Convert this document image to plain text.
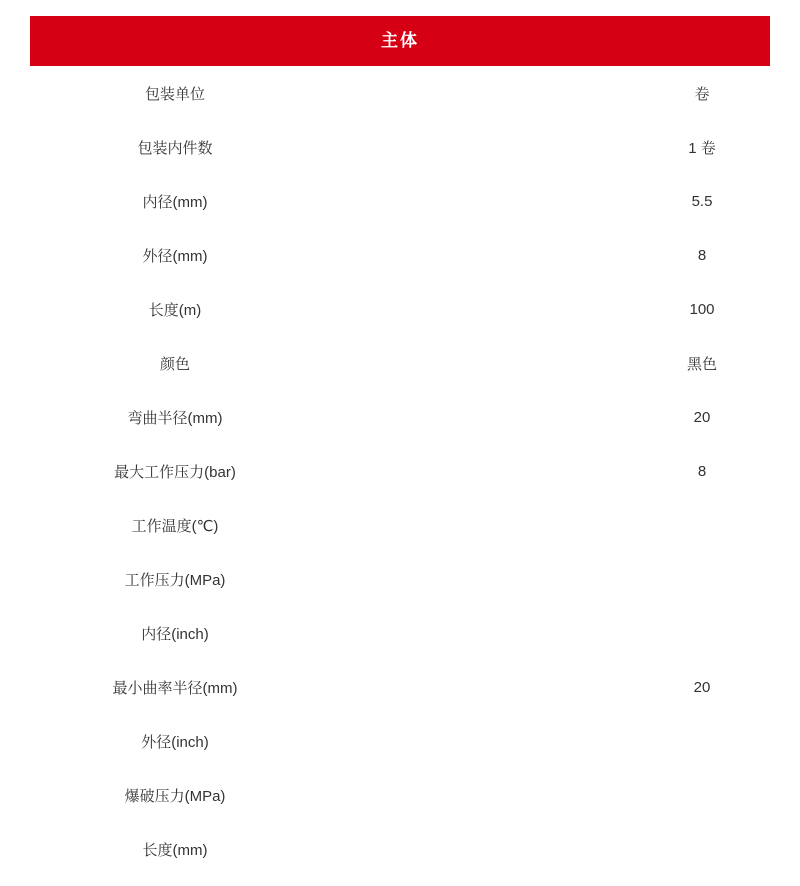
主体
包装单位		卷
包装内件数		1 卷
内径(mm)		5.5
外径(mm)		8
长度(m)		100
颜色		黑色
弯曲半径(mm)		20
最大工作压力(bar)		8
工作温度(℃)		
工作压力(MPa)		
内径(inch)		
最小曲率半径(mm)		20
外径(inch)		
爆破压力(MPa)		
长度(mm)		
